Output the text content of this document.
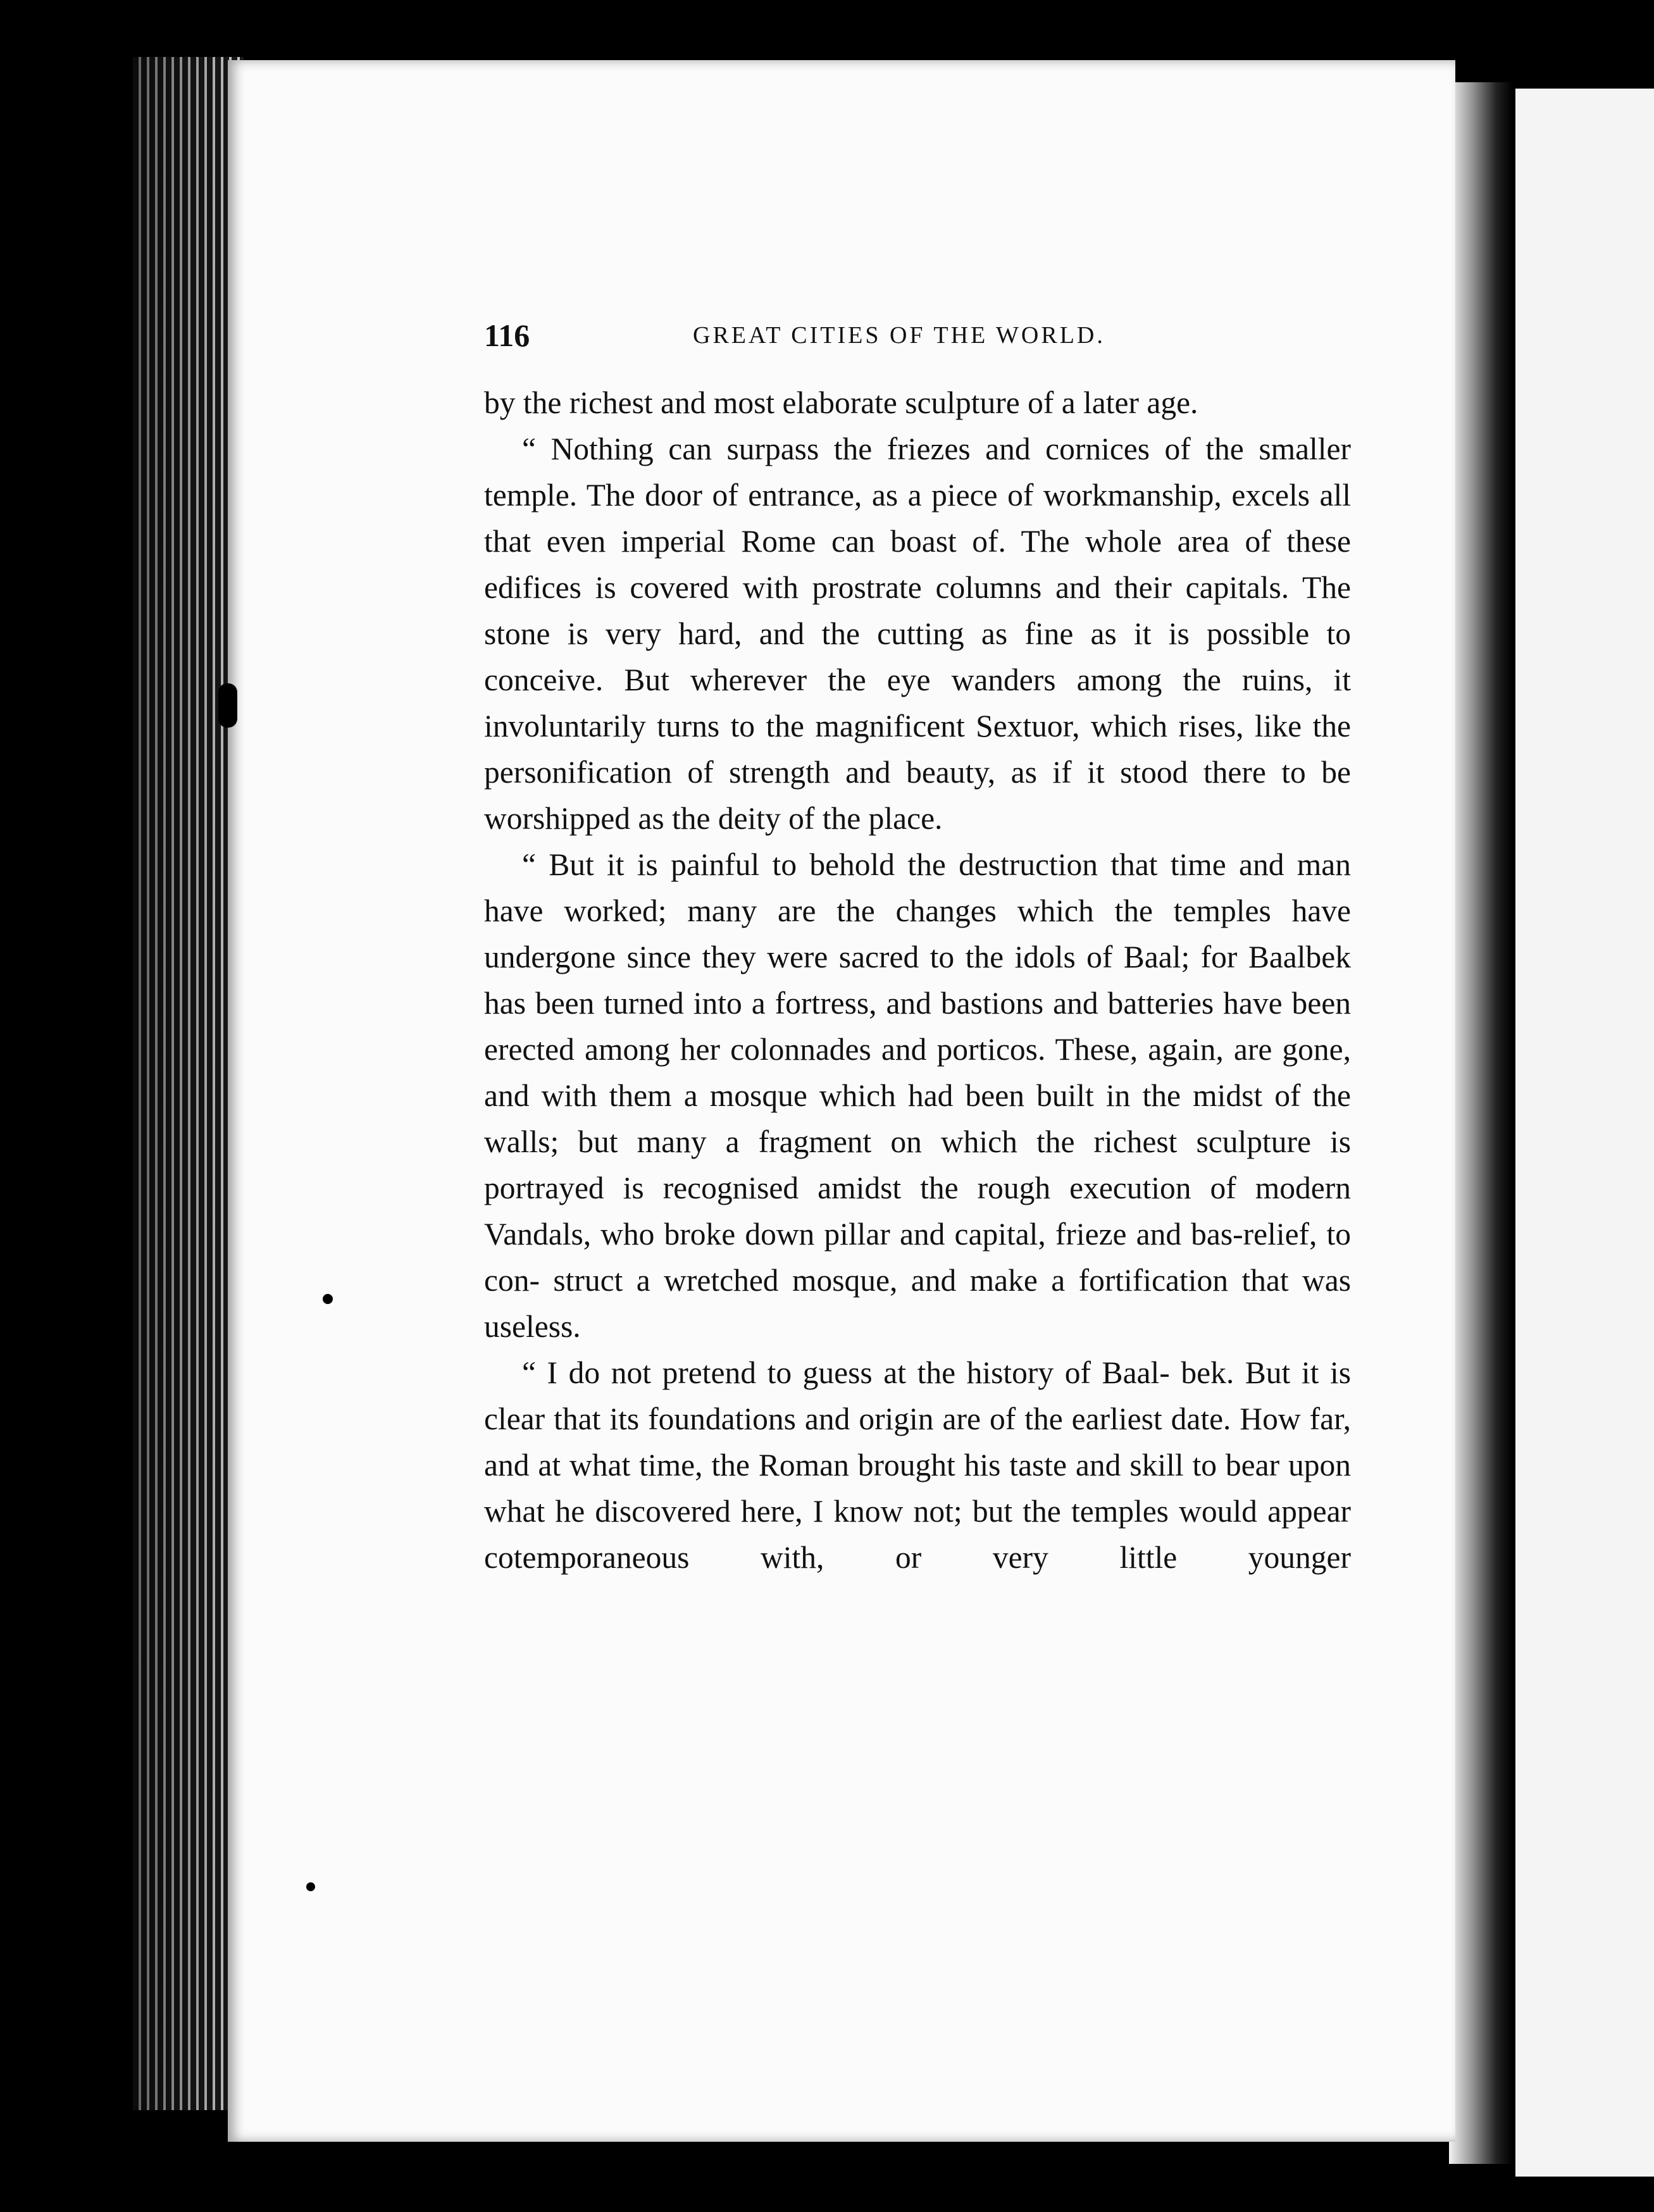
116	GREAT CITIES OF THE WORLD.

by the richest and most elaborate sculpture of a later age.

“ Nothing can surpass the friezes and cornices of the smaller temple. The door of entrance, as a piece of workmanship, excels all that even imperial Rome can boast of. The whole area of these edifices is covered with prostrate columns and their capitals. The stone is very hard, and the cutting as fine as it is possible to conceive. But wherever the eye wanders among the ruins, it involuntarily turns to the magnificent Sextuor, which rises, like the personification of strength and beauty, as if it stood there to be worshipped as the deity of the place.

“ But it is painful to behold the destruction that time and man have worked; many are the changes which the temples have undergone since they were sacred to the idols of Baal; for Baalbek has been turned into a fortress, and bastions and batteries have been erected among her colonnades and porticos. These, again, are gone, and with them a mosque which had been built in the midst of the walls; but many a fragment on which the richest sculpture is portrayed is recognised amidst the rough execution of modern Vandals, who broke down pillar and capital, frieze and bas-relief, to con- struct a wretched mosque, and make a fortification that was useless.

“ I do not pretend to guess at the history of Baal- bek. But it is clear that its foundations and origin are of the earliest date. How far, and at what time, the Roman brought his taste and skill to bear upon what he discovered here, I know not; but the temples would appear cotemporaneous with, or very little younger
